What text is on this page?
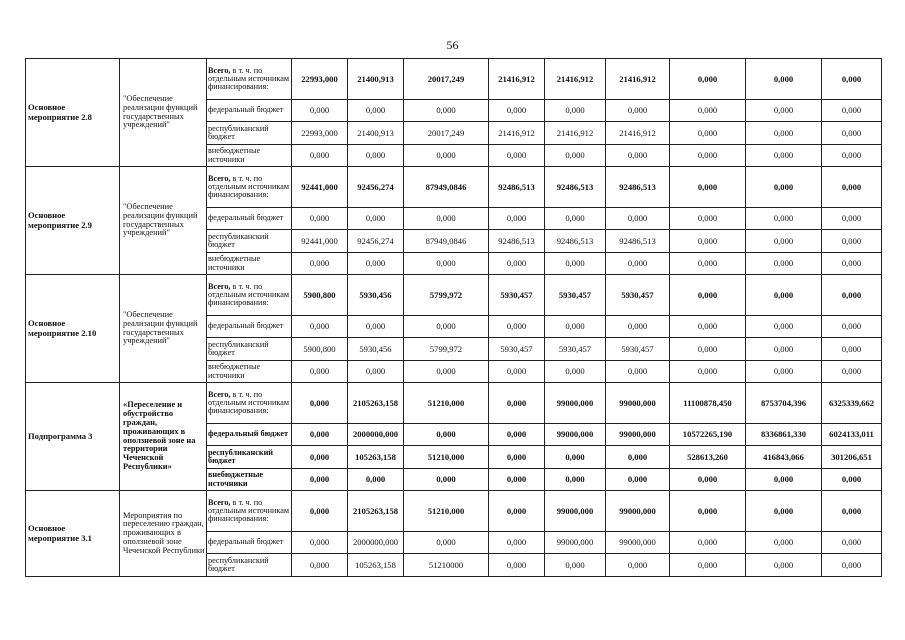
56
Основное мероприятие 2.8	"Обеспечение реализации функций государственных учреждений"	Всего, в т. ч. по отдельным источникам финансирования:	22993,000	21400,913	20017,249	21416,912	21416,912	21416,912	0,000	0,000	0,000
		федеральный бюджет	0,000	0,000	0,000	0,000	0,000	0,000	0,000	0,000	0,000
		республиканский бюджет	22993,000	21400,913	20017,249	21416,912	21416,912	21416,912	0,000	0,000	0,000
		внебюджетные источники	0,000	0,000	0,000	0,000	0,000	0,000	0,000	0,000	0,000
Основное мероприятие 2.9	"Обеспечение реализации функций государственных учреждений"	Всего, в т. ч. по отдельным источникам финансирования:	92441,000	92456,274	87949,0846	92486,513	92486,513	92486,513	0,000	0,000	0,000
		федеральный бюджет	0,000	0,000	0,000	0,000	0,000	0,000	0,000	0,000	0,000
		республиканский бюджет	92441,000	92456,274	87949,0846	92486,513	92486,513	92486,513	0,000	0,000	0,000
		внебюджетные источники	0,000	0,000	0,000	0,000	0,000	0,000	0,000	0,000	0,000
Основное мероприятие 2.10	"Обеспечение реализации функций государственных учреждений"	Всего, в т. ч. по отдельным источникам финансирования:	5900,800	5930,456	5799,972	5930,457	5930,457	5930,457	0,000	0,000	0,000
		федеральный бюджет	0,000	0,000	0,000	0,000	0,000	0,000	0,000	0,000	0,000
		республиканский бюджет	5900,800	5930,456	5799,972	5930,457	5930,457	5930,457	0,000	0,000	0,000
		внебюджетные источники	0,000	0,000	0,000	0,000	0,000	0,000	0,000	0,000	0,000
Подпрограмма 3	«Переселение и обустройство граждан, проживающих в оползневой зоне на территории Чеченской Республики»	Всего, в т. ч. по отдельным источникам финансирования:	0,000	2105263,158	51210,000	0,000	99000,000	99000,000	11100878,450	8753704,396	6325339,662
		федеральный бюджет	0,000	2000000,000	0,000	0,000	99000,000	99000,000	10572265,190	8336861,330	6024133,011
		республиканский бюджет	0,000	105263,158	51210,000	0,000	0,000	0,000	528613,260	416843,066	301206,651
		внебюджетные источники	0,000	0,000	0,000	0,000	0,000	0,000	0,000	0,000	0,000
Основное мероприятие 3.1	Мероприятия по переселению граждан, проживающих в оползневой зоне Чеченской Республики	Всего, в т. ч. по отдельным источникам финансирования:	0,000	2105263,158	51210,000	0,000	99000,000	99000,000	0,000	0,000	0,000
		федеральный бюджет	0,000	2000000,000	0,000	0,000	99000,000	99000,000	0,000	0,000	0,000
		республиканский бюджет	0,000	105263,158	51210000	0,000	0,000	0,000	0,000	0,000	0,000
